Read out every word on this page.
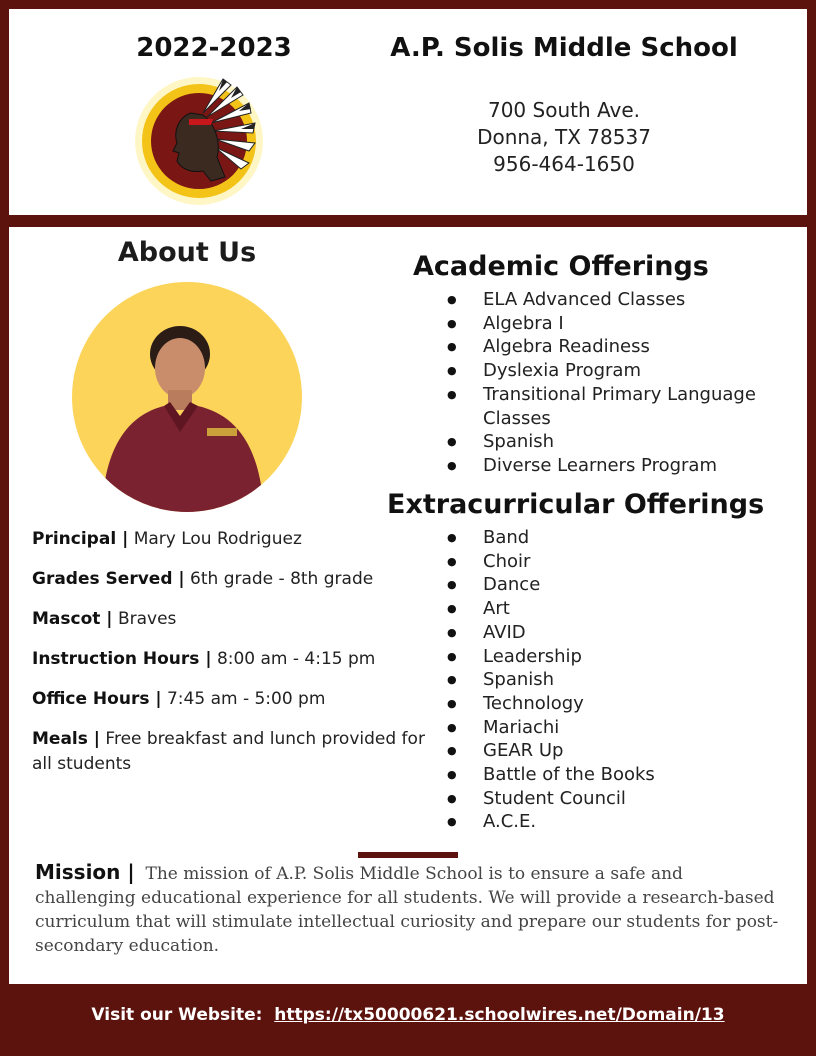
2022-2023	A.P. Solis Middle School
700 South Ave.
Donna, TX 78537
956-464-1650
About Us
Principal | Mary Lou Rodriguez
Grades Served | 6th grade - 8th grade
Mascot | Braves
Instruction Hours | 8:00 am - 4:15 pm
Office Hours | 7:45 am - 5:00 pm
Meals | Free breakfast and lunch provided for all students
Academic Offerings
● ELA Advanced Classes
● Algebra I
● Algebra Readiness
● Dyslexia Program
● Transitional Primary Language Classes
● Spanish
● Diverse Learners Program
Extracurricular Offerings
● Band
● Choir
● Dance
● Art
● AVID
● Leadership
● Spanish
● Technology
● Mariachi
● GEAR Up
● Battle of the Books
● Student Council
● A.C.E.
Mission | The mission of A.P. Solis Middle School is to ensure a safe and challenging educational experience for all students. We will provide a research-based curriculum that will stimulate intellectual curiosity and prepare our students for post-secondary education.
Visit our Website: https://tx50000621.schoolwires.net/Domain/13
